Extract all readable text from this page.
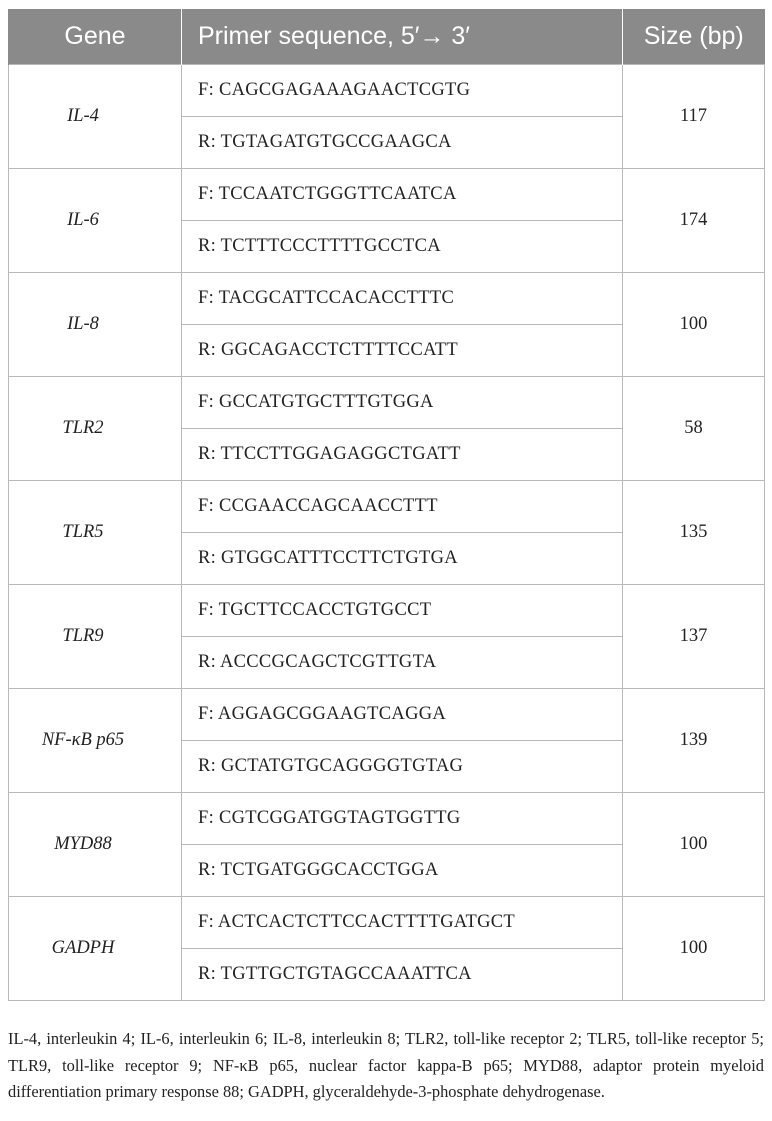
Gene	Primer sequence, 5′→ 3′	Size (bp)
IL-4	F: CAGCGAGAAAGAACTCGTG	117
	R: TGTAGATGTGCCGAAGCA	
IL-6	F: TCCAATCTGGGTTCAATCA	174
	R: TCTTTCCCTTTTGCCTCA	
IL-8	F: TACGCATTCCACACCTTTC	100
	R: GGCAGACCTCTTTTCCATT	
TLR2	F: GCCATGTGCTTTGTGGA	58
	R: TTCCTTGGAGAGGCTGATT	
TLR5	F: CCGAACCAGCAACCTTT	135
	R: GTGGCATTTCCTTCTGTGA	
TLR9	F: TGCTTCCACCTGTGCCT	137
	R: ACCCGCAGCTCGTTGTA	
NF-κB p65	F: AGGAGCGGAAGTCAGGA	139
	R: GCTATGTGCAGGGGTGTAG	
MYD88	F: CGTCGGATGGTAGTGGTTG	100
	R: TCTGATGGGCACCTGGA	
GADPH	F: ACTCACTCTTCCACTTTTGATGCT	100
	R: TGTTGCTGTAGCCAAATTCA	

IL-4, interleukin 4; IL-6, interleukin 6; IL-8, interleukin 8; TLR2, toll-like receptor 2; TLR5, toll-like receptor 5; TLR9, toll-like receptor 9; NF-κB p65, nuclear factor kappa-B p65; MYD88, adaptor protein myeloid differentiation primary response 88; GADPH, glyceraldehyde-3-phosphate dehydrogenase.
